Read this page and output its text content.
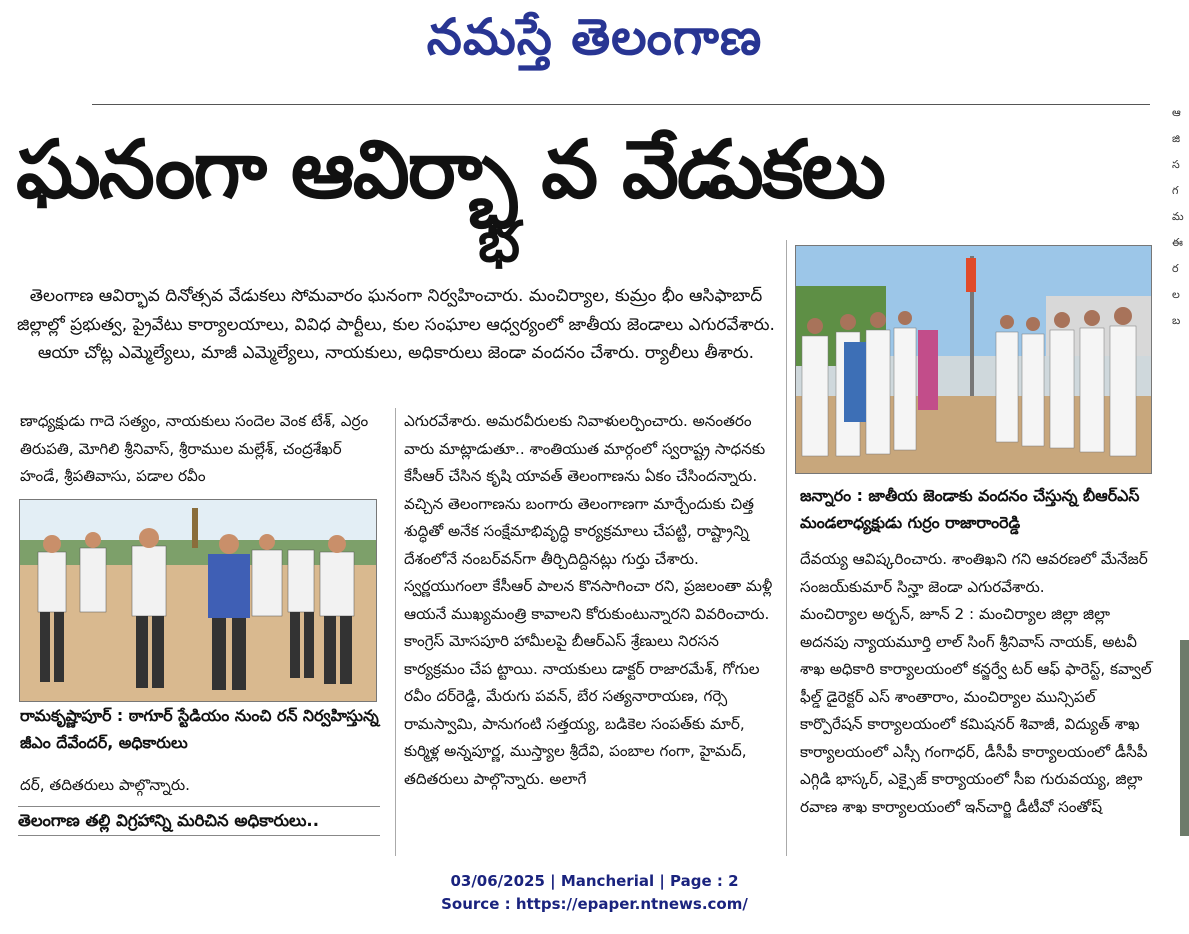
నమస్తే తెలంగాణ
ఘనంగా ఆవిర్భా వ వేడుకలు
భ
తెలంగాణ ఆవిర్భావ దినోత్సవ వేడుకలు సోమవారం ఘనంగా నిర్వహించారు. మంచిర్యాల, కుమ్రం భీం ఆసిఫాబాద్ జిల్లాల్లో ప్రభుత్వ, ప్రైవేటు కార్యాలయాలు, వివిధ పార్టీలు, కుల సంఘాల ఆధ్వర్యంలో జాతీయ జెండాలు ఎగురవేశారు. ఆయా చోట్ల ఎమ్మెల్యేలు, మాజీ ఎమ్మెల్యేలు, నాయకులు, అధికారులు జెండా వందనం చేశారు. ర్యాలీలు తీశారు.
ణాధ్యక్షుడు గాదె సత్యం, నాయకులు సందెల వెంక టేశ్, ఎర్రం తిరుపతి, మోగిలి శ్రీనివాస్, శ్రీరాముల మల్లేశ్, చంద్రశేఖర్ హండే, శ్రీపతివాసు, పడాల రవీం
రామకృష్ణాపూర్ : ఠాగూర్ స్టేడియం నుంచి రన్ నిర్వహిస్తున్న జీఎం దేవేందర్, అధికారులు
దర్, తదితరులు పాల్గొన్నారు.
తెలంగాణ తల్లి విగ్రహాన్ని మరిచిన అధికారులు..
ఎగురవేశారు. అమరవీరులకు నివాళులర్పించారు. అనంతరం వారు మాట్లాడుతూ.. శాంతియుత మార్గంలో స్వరాష్ట్ర సాధనకు కేసీఆర్ చేసిన కృషి యావత్ తెలంగాణను ఏకం చేసిందన్నారు. వచ్చిన తెలంగాణను బంగారు తెలంగాణగా మార్చేందుకు చిత్త శుద్ధితో అనేక సంక్షేమాభివృద్ధి కార్యక్రమాలు చేపట్టి, రాష్ట్రాన్ని దేశంలోనే నంబర్‌వన్‌గా తీర్చిదిద్దినట్లు గుర్తు చేశారు. స్వర్ణయుగంలా కేసీఆర్ పాలన కొనసాగించా రని, ప్రజలంతా మళ్లీ ఆయనే ముఖ్యమంత్రి కావాలని కోరుకుంటున్నారని వివరించారు. కాంగ్రెస్ మోసపూరి హామీలపై బీఆర్‌ఎస్ శ్రేణులు నిరసన కార్యక్రమం చేప ట్టాయి. నాయకులు డాక్టర్ రాజారమేశ్, గోగుల రవీం దర్‌రెడ్డి, మేరుగు పవన్, బేర సత్యనారాయణ, గర్సె రామస్వామి, పానుగంటి సత్తయ్య, బడికెల సంపత్‌కు మార్, కుర్మిళ్ల అన్నపూర్ణ, ముస్త్యాల శ్రీదేవి, పంబాల గంగా, హైమద్, తదితరులు పాల్గొన్నారు. అలాగే
జన్నారం : జాతీయ జెండాకు వందనం చేస్తున్న బీఆర్‌ఎస్ మండలాధ్యక్షుడు గుర్రం రాజారాంరెడ్డి

దేవయ్య ఆవిష్కరించారు. శాంతిఖని గని ఆవరణలో మేనేజర్ సంజయ్‌కుమార్ సిన్హా జెండా ఎగురవేశారు.

మంచిర్యాల అర్బన్, జూన్ 2 : మంచిర్యాల జిల్లా జిల్లా అదనపు న్యాయమూర్తి లాల్ సింగ్ శ్రీనివాస్ నాయక్, అటవీ శాఖ అధికారి కార్యాలయంలో కన్జర్వే టర్ ఆఫ్ ఫారెస్ట్, కవ్వాల్ ఫీల్డ్ డైరెక్టర్ ఎస్ శాంతారాం, మంచిర్యాల మున్సిపల్ కార్పొరేషన్ కార్యాలయంలో కమిషనర్ శివాజీ, విద్యుత్ శాఖ కార్యాలయంలో ఎస్సీ గంగాధర్, డీసీపీ కార్యాలయంలో డీసీపీ ఎగ్గిడి భాస్కర్, ఎక్సైజ్ కార్యాయంలో సీఐ గురువయ్య, జిల్లా రవాణ శాఖ కార్యాలయంలో ఇన్‌చార్జి డీటీవో సంతోష్

ఆ జి స గ మ ఈ ర ల బ
03/06/2025 | Mancherial | Page : 2
Source : https://epaper.ntnews.com/
